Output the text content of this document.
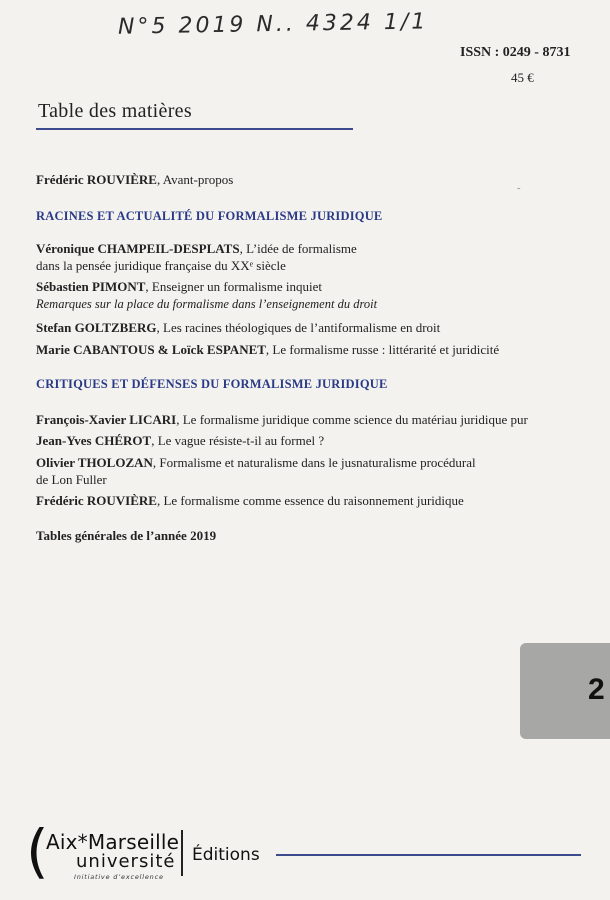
N°5 2019 N.. 4324 1/1
ISSN : 0249 - 8731
45 €
Table des matières
Frédéric ROUVIÈRE, Avant-propos
˜
RACINES ET ACTUALITÉ DU FORMALISME JURIDIQUE
Véronique CHAMPEIL-DESPLATS, L’idée de formalisme
dans la pensée juridique française du XXᵉ siècle
Sébastien PIMONT, Enseigner un formalisme inquiet
Remarques sur la place du formalisme dans l’enseignement du droit
Stefan GOLTZBERG, Les racines théologiques de l’antiformalisme en droit
Marie CABANTOUS & Loïck ESPANET, Le formalisme russe : littérarité et juridicité
CRITIQUES ET DÉFENSES DU FORMALISME JURIDIQUE
François-Xavier LICARI, Le formalisme juridique comme science du matériau juridique pur
Jean-Yves CHÉROT, Le vague résiste-t-il au formel ?
Olivier THOLOZAN, Formalisme et naturalisme dans le jusnaturalisme procédural
de Lon Fuller
Frédéric ROUVIÈRE, Le formalisme comme essence du raisonnement juridique
Tables générales de l’année 2019
2
(
Aix*Marseille
université
Initiative d’excellence
Éditions
